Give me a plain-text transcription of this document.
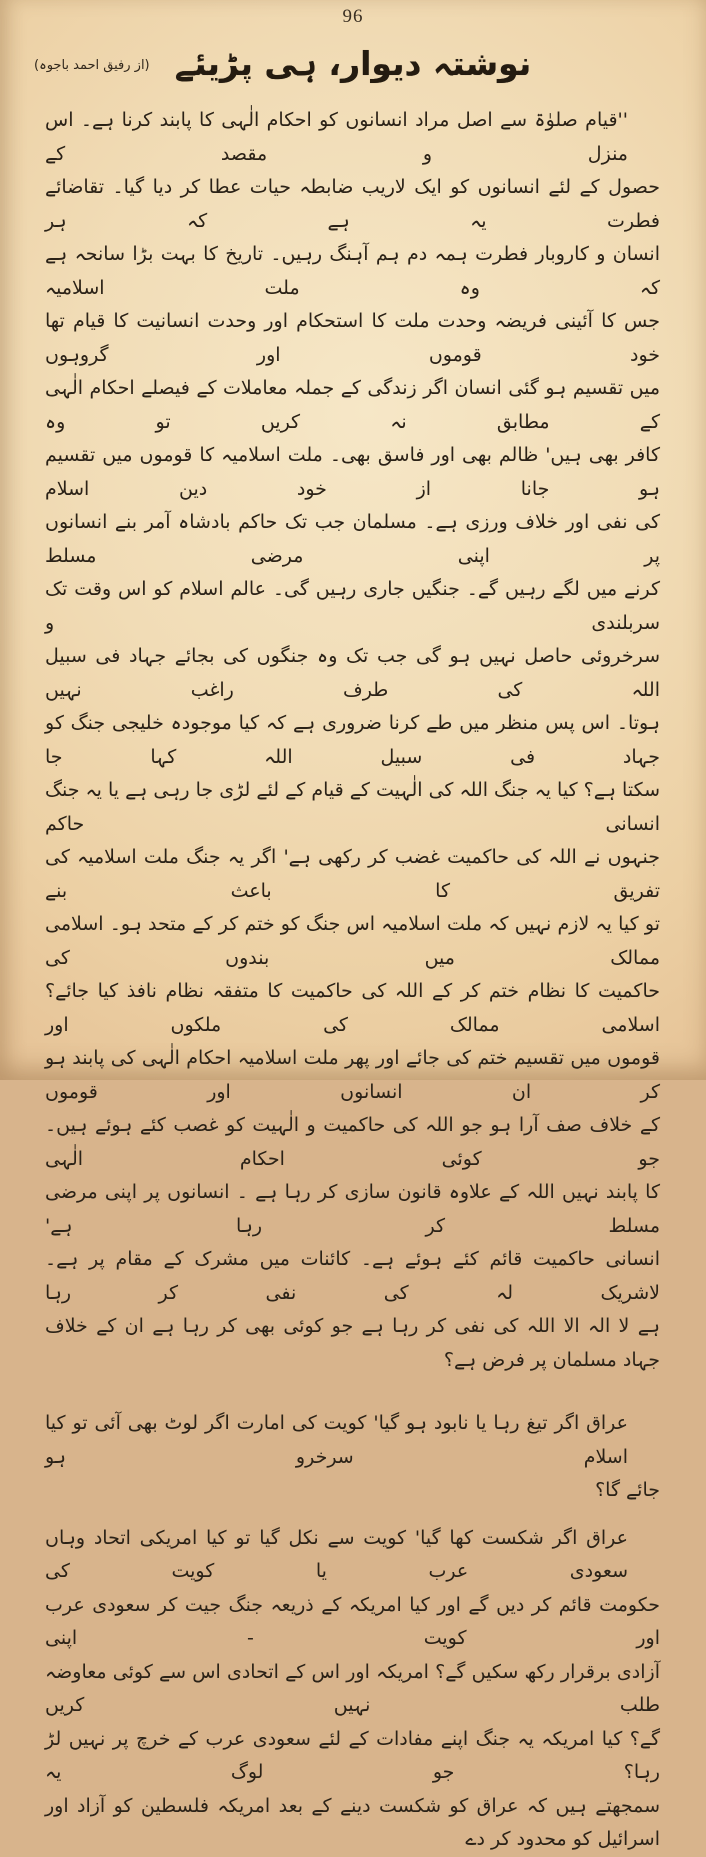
96
(از رفیق احمد باجوہ) نوشتہ دیوار، ہی پڑیئے
''قیام صلوٰۃ سے اصل مراد انسانوں کو احکام الٰہی کا پابند کرنا ہے۔ اس منزل و مقصد کے
حصول کے لئے انسانوں کو ایک لاریب ضابطہ حیات عطا کر دیا گیا۔ تقاضائے فطرت یہ ہے کہ ہر
انسان و کاروبار فطرت ہمہ دم ہم آہنگ رہیں۔ تاریخ کا بہت بڑا سانحہ ہے کہ وہ ملت اسلامیہ
جس کا آئینی فریضہ وحدت ملت کا استحکام اور وحدت انسانیت کا قیام تھا خود قوموں اور گروہوں
میں تقسیم ہو گئی انسان اگر زندگی کے جملہ معاملات کے فیصلے احکام الٰہی کے مطابق نہ کریں تو وہ
کافر بھی ہیں' ظالم بھی اور فاسق بھی۔ ملت اسلامیہ کا قوموں میں تقسیم ہو جانا از خود دین اسلام
کی نفی اور خلاف ورزی ہے۔ مسلمان جب تک حاکم بادشاہ آمر بنے انسانوں پر اپنی مرضی مسلط
کرنے میں لگے رہیں گے۔ جنگیں جاری رہیں گی۔ عالم اسلام کو اس وقت تک سربلندی و
سرخروئی حاصل نہیں ہو گی جب تک وہ جنگوں کی بجائے جہاد فی سبیل اللہ کی طرف راغب نہیں
ہوتا۔ اس پس منظر میں طے کرنا ضروری ہے کہ کیا موجودہ خلیجی جنگ کو جہاد فی سبیل اللہ کہا جا
سکتا ہے؟ کیا یہ جنگ اللہ کی الٰہیت کے قیام کے لئے لڑی جا رہی ہے یا یہ جنگ انسانی حاکم
جنہوں نے اللہ کی حاکمیت غضب کر رکھی ہے' اگر یہ جنگ ملت اسلامیہ کی تفریق کا باعث بنے
تو کیا یہ لازم نہیں کہ ملت اسلامیہ اس جنگ کو ختم کر کے متحد ہو۔ اسلامی ممالک میں بندوں کی
حاکمیت کا نظام ختم کر کے اللہ کی حاکمیت کا متفقہ نظام نافذ کیا جائے؟ اسلامی ممالک کی ملکوں اور
قوموں میں تقسیم ختم کی جائے اور پھر ملت اسلامیہ احکام الٰہی کی پابند ہو کر ان انسانوں اور قوموں
کے خلاف صف آرا ہو جو اللہ کی حاکمیت و الٰہیت کو غصب کئے ہوئے ہیں۔ جو کوئی احکام الٰہی
کا پابند نہیں اللہ کے علاوہ قانون سازی کر رہا ہے ۔ انسانوں پر اپنی مرضی مسلط کر رہا ہے'
انسانی حاکمیت قائم کئے ہوئے ہے۔ کائنات میں مشرک کے مقام پر ہے۔ لاشریک لہ کی نفی کر رہا
ہے لا الہ الا اللہ کی نفی کر رہا ہے جو کوئی بھی کر رہا ہے ان کے خلاف جہاد مسلمان پر فرض ہے؟
عراق اگر تیغ رہا یا نابود ہو گیا' کویت کی امارت اگر لوٹ بھی آئی تو کیا اسلام سرخرو ہو
جائے گا؟
عراق اگر شکست کھا گیا' کویت سے نکل گیا تو کیا امریکی اتحاد وہاں سعودی عرب یا کویت کی
حکومت قائم کر دیں گے اور کیا امریکہ کے ذریعہ جنگ جیت کر سعودی عرب اور کویت - اپنی
آزادی برقرار رکھ سکیں گے؟ امریکہ اور اس کے اتحادی اس سے کوئی معاوضہ طلب نہیں کریں
گے؟ کیا امریکہ یہ جنگ اپنے مفادات کے لئے سعودی عرب کے خرچ پر نہیں لڑ رہا؟ جو لوگ یہ
سمجھتے ہیں کہ عراق کو شکست دینے کے بعد امریکہ فلسطین کو آزاد اور اسرائیل کو محدود کر دے
